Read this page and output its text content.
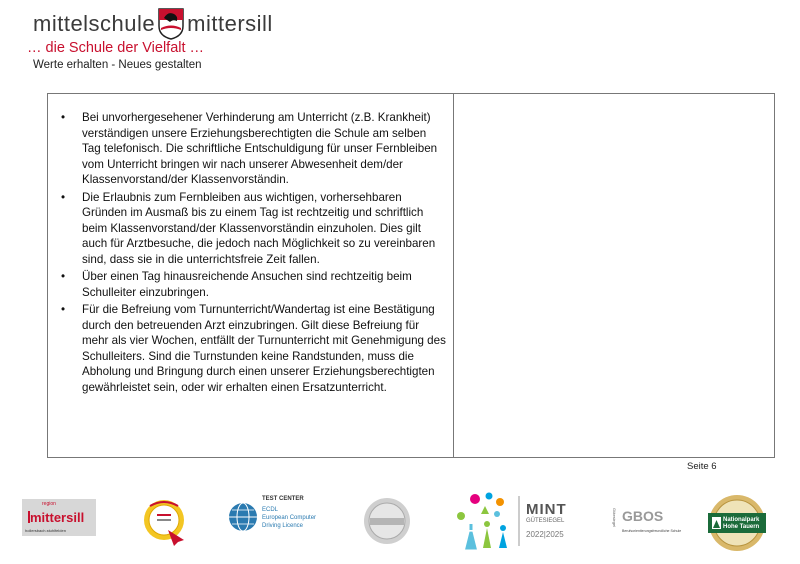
mittelschule mittersill
… die Schule der Vielfalt …
Werte erhalten - Neues gestalten
• Bei unvorhergesehener Verhinderung am Unterricht (z.B. Krankheit) verständigen unsere Erziehungsberechtigten die Schule am selben Tag telefonisch. Die schriftliche Entschuldigung für unser Fernbleiben vom Unterricht bringen wir nach unserer Abwesenheit dem/der Klassenvorstand/der Klassenvorständin.
• Die Erlaubnis zum Fernbleiben aus wichtigen, vorhersehbaren Gründen im Ausmaß bis zu einem Tag ist rechtzeitig und schriftlich beim Klassenvorstand/der Klassenvorständin einzuholen. Dies gilt auch für Arztbesuche, die jedoch nach Möglichkeit so zu vereinbaren sind, dass sie in die unterrichtsfreie Zeit fallen.
• Über einen Tag hinausreichende Ansuchen sind rechtzeitig beim Schulleiter einzubringen.
• Für die Befreiung vom Turnunterricht/Wandertag ist eine Bestätigung durch den betreuenden Arzt einzubringen. Gilt diese Befreiung für mehr als vier Wochen, entfällt der Turnunterricht mit Genehmigung des Schulleiters. Sind die Turnstunden keine Randstunden, muss die Abholung und Bringung durch einen unserer Erziehungsberechtigten gewährleistet sein, oder wir erhalten einen Ersatzunterricht.
Seite 6
region
mittersill
hollersbach.stuhlfelden
TEST CENTER
ECDL
European Computer
Driving Licence
MINT
GÜTESIEGEL
2022|2025
Gütesiegel GBOS
Berufsorientierungsfreundliche Schule
Nationalpark
Hohe Tauern
